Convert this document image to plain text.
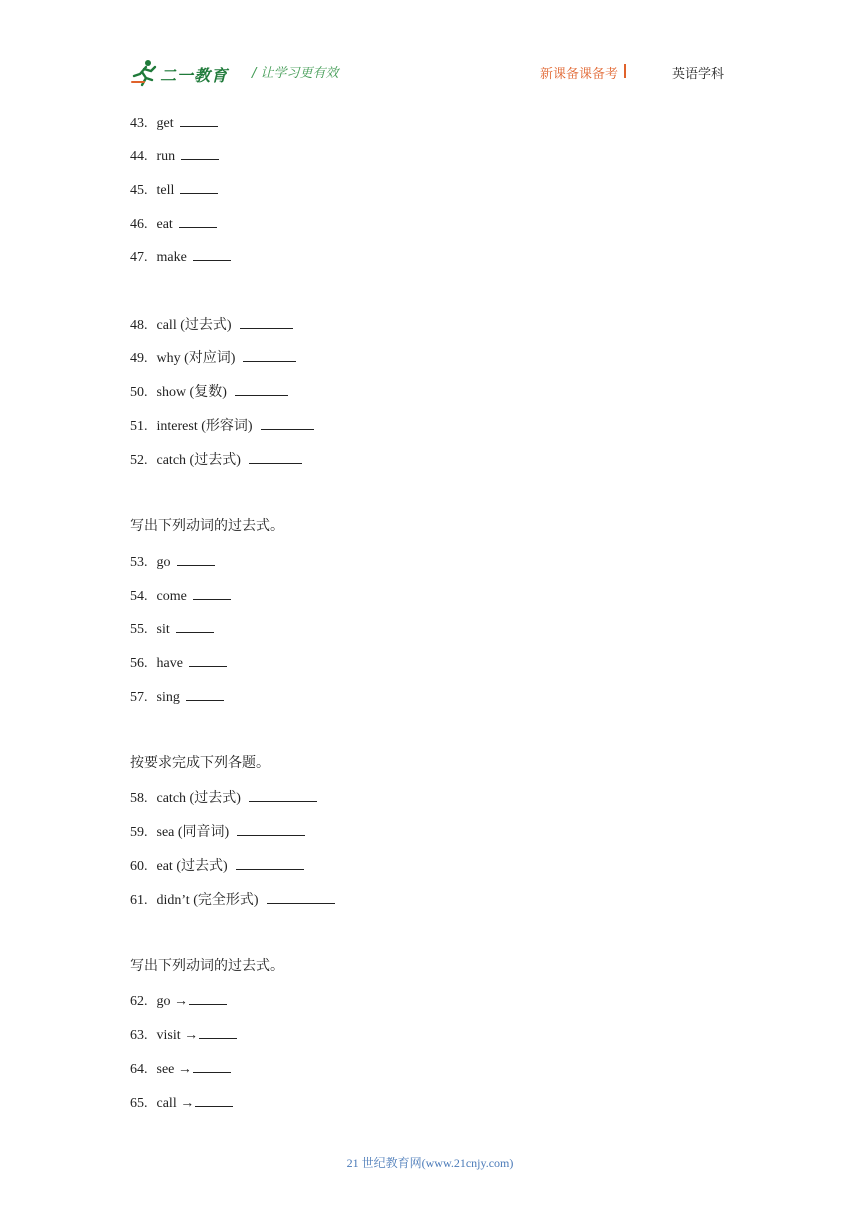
二一教育 / 让学习更有效	新课备课备考	英语学科
43. get
44. run
45. tell
46. eat
47. make
48. call (过去式)
49. why (对应词)
50. show (复数)
51. interest (形容词)
52. catch (过去式)
写出下列动词的过去式。
53. go
54. come
55. sit
56. have
57. sing
按要求完成下列各题。
58. catch (过去式)
59. sea (同音词)
60. eat (过去式)
61. didn’t (完全形式)
写出下列动词的过去式。
62. go →
63. visit →
64. see →
65. call →
21 世纪教育网(www.21cnjy.com)
